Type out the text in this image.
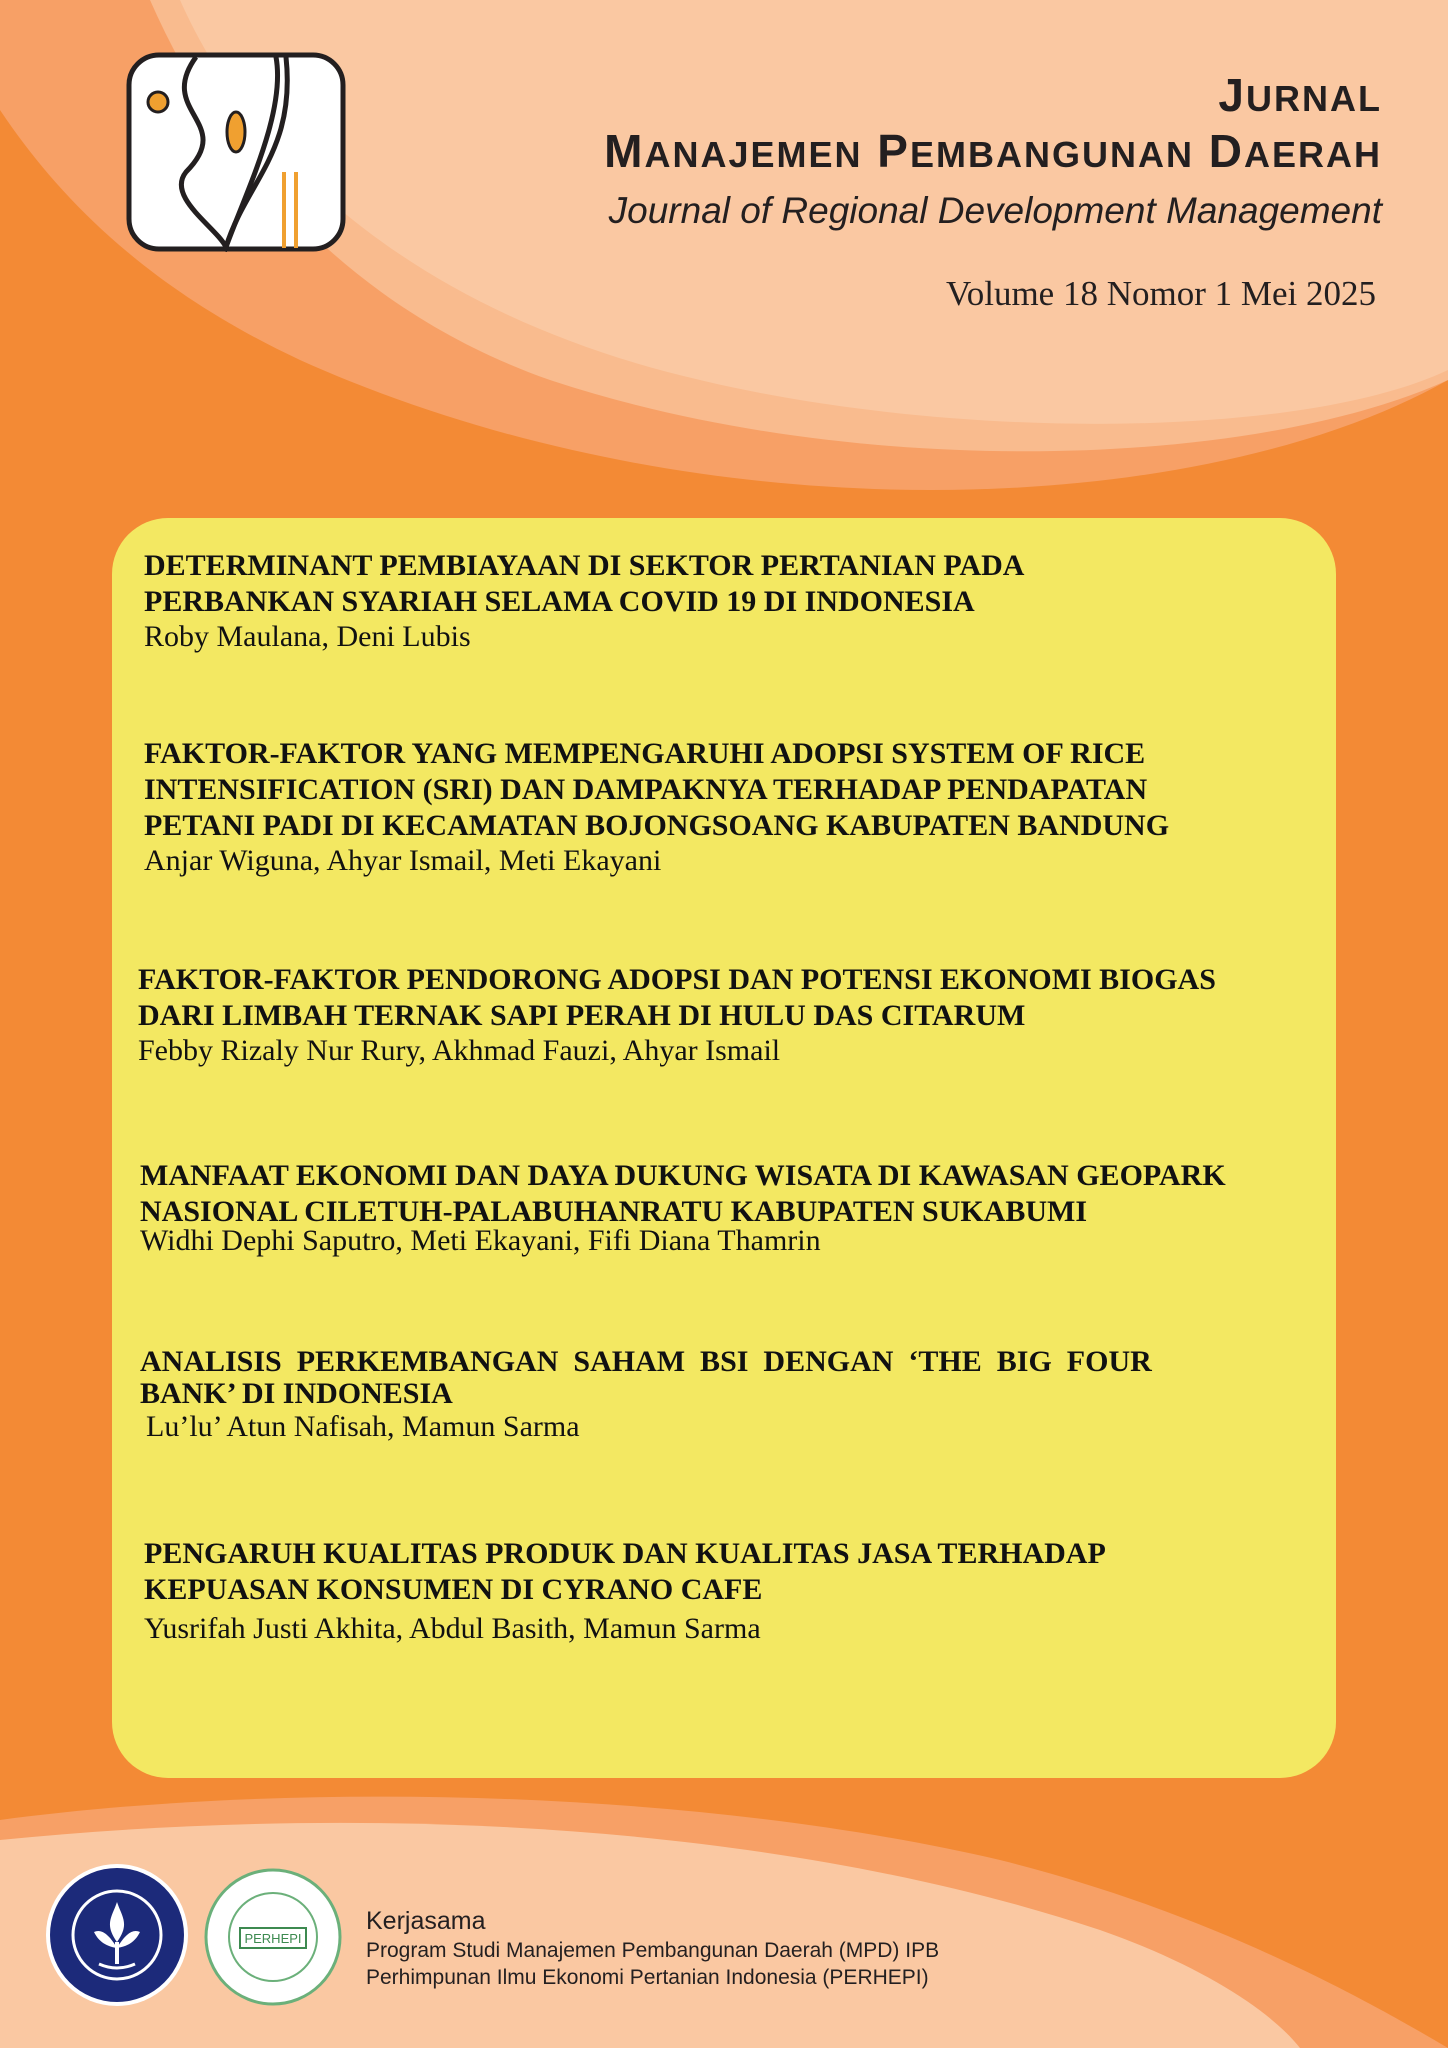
JURNAL
MANAJEMEN PEMBANGUNAN DAERAH
Journal of Regional Development Management
Volume 18 Nomor 1 Mei 2025
DETERMINANT PEMBIAYAAN DI SEKTOR PERTANIAN PADA
PERBANKAN SYARIAH SELAMA COVID 19 DI INDONESIA
Roby Maulana, Deni Lubis
FAKTOR-FAKTOR YANG MEMPENGARUHI ADOPSI SYSTEM OF RICE
INTENSIFICATION (SRI) DAN DAMPAKNYA TERHADAP PENDAPATAN
PETANI PADI DI KECAMATAN BOJONGSOANG KABUPATEN BANDUNG
Anjar Wiguna, Ahyar Ismail, Meti Ekayani
FAKTOR-FAKTOR PENDORONG ADOPSI DAN POTENSI EKONOMI BIOGAS
DARI LIMBAH TERNAK SAPI PERAH DI HULU DAS CITARUM
Febby Rizaly Nur Rury, Akhmad Fauzi, Ahyar Ismail
MANFAAT EKONOMI DAN DAYA DUKUNG WISATA DI KAWASAN GEOPARK
NASIONAL CILETUH-PALABUHANRATU KABUPATEN SUKABUMI
Widhi Dephi Saputro, Meti Ekayani, Fifi Diana Thamrin
ANALISIS  PERKEMBANGAN  SAHAM  BSI  DENGAN  ‘THE  BIG  FOUR
BANK’ DI INDONESIA
Lu’lu’ Atun Nafisah, Mamun Sarma
PENGARUH KUALITAS PRODUK DAN KUALITAS JASA TERHADAP
KEPUASAN KONSUMEN DI CYRANO CAFE
Yusrifah Justi Akhita, Abdul Basith, Mamun Sarma
PERHEPI
Kerjasama
Program Studi Manajemen Pembangunan Daerah (MPD) IPB
Perhimpunan Ilmu Ekonomi Pertanian Indonesia (PERHEPI)
